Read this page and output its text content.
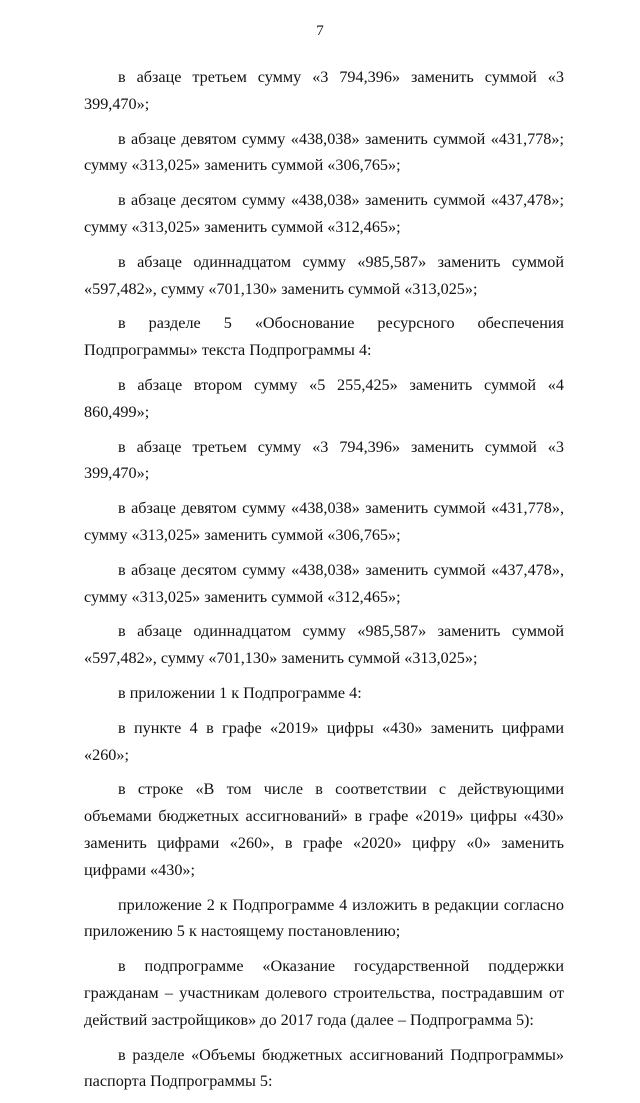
7

в абзаце третьем сумму «3 794,396» заменить суммой «3 399,470»;

в абзаце девятом сумму «438,038» заменить суммой «431,778»; сумму «313,025» заменить суммой «306,765»;

в абзаце десятом сумму «438,038» заменить суммой «437,478»; сумму «313,025» заменить суммой «312,465»;

в абзаце одиннадцатом сумму «985,587» заменить суммой «597,482», сумму «701,130» заменить суммой «313,025»;

в разделе 5 «Обоснование ресурсного обеспечения Подпрограммы» текста Подпрограммы 4:

в абзаце втором сумму «5 255,425» заменить суммой «4 860,499»;

в абзаце третьем сумму «3 794,396» заменить суммой «3 399,470»;

в абзаце девятом сумму «438,038» заменить суммой «431,778», сумму «313,025» заменить суммой «306,765»;

в абзаце десятом сумму «438,038» заменить суммой «437,478», сумму «313,025» заменить суммой «312,465»;

в абзаце одиннадцатом сумму «985,587» заменить суммой «597,482», сумму «701,130» заменить суммой «313,025»;

в приложении 1 к Подпрограмме 4:

в пункте 4 в графе «2019» цифры «430» заменить цифрами «260»;

в строке «В том числе в соответствии с действующими объемами бюджетных ассигнований» в графе «2019» цифры «430» заменить цифрами «260», в графе «2020» цифру «0» заменить цифрами «430»;

приложение 2 к Подпрограмме 4 изложить в редакции согласно приложению 5 к настоящему постановлению;

в подпрограмме «Оказание государственной поддержки гражданам – участникам долевого строительства, пострадавшим от действий застройщиков» до 2017 года (далее – Подпрограмма 5):

в разделе «Объемы бюджетных ассигнований Подпрограммы» паспорта Подпрограммы 5:
